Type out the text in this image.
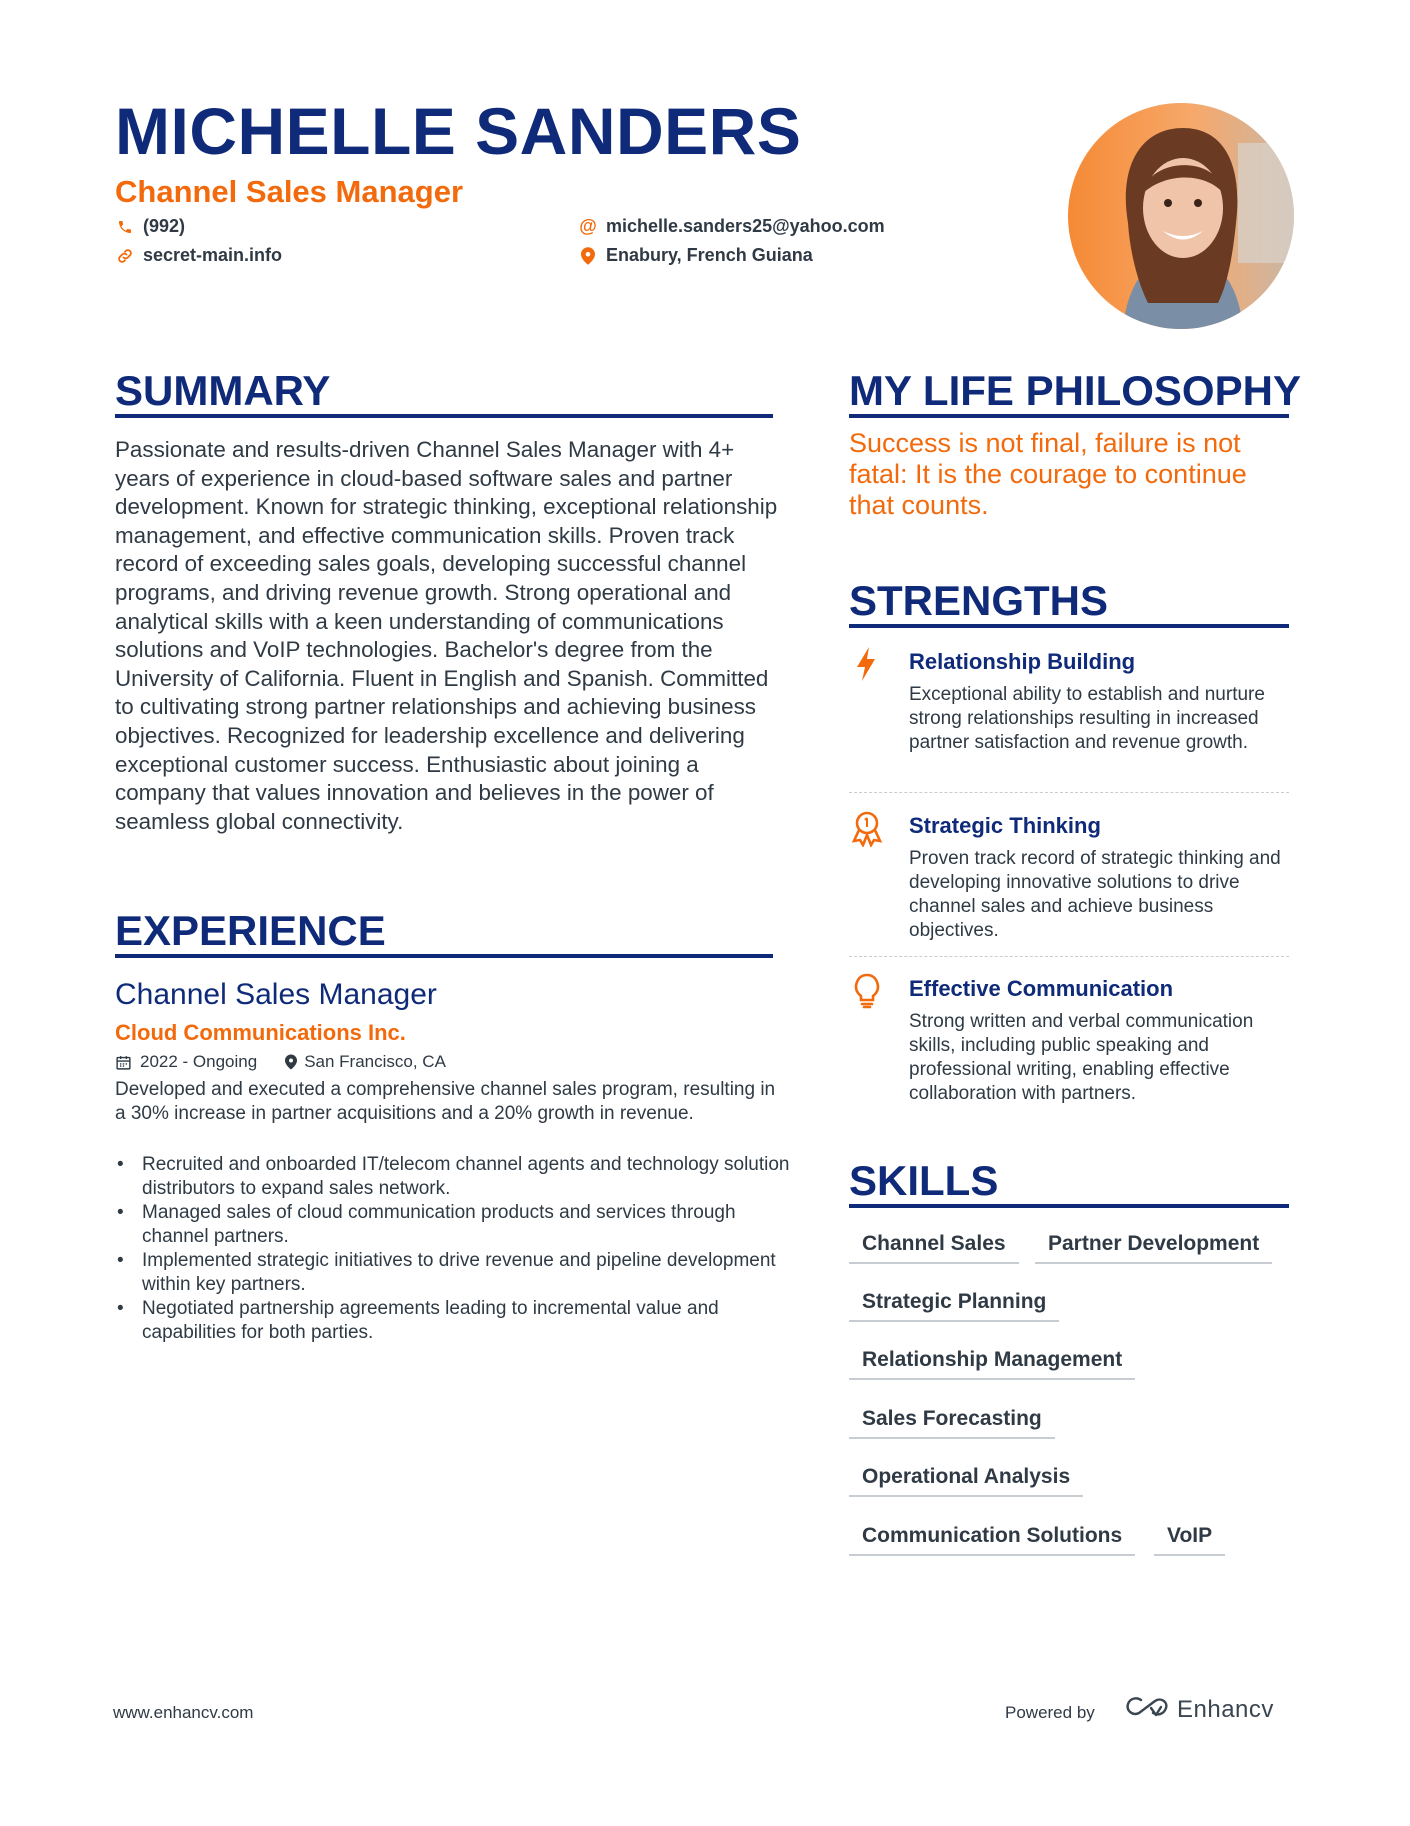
MICHELLE SANDERS
Channel Sales Manager
(992)
secret-main.info
@ michelle.sanders25@yahoo.com
Enabury, French Guiana
SUMMARY

Passionate and results-driven Channel Sales Manager with 4+ years of experience in cloud-based software sales and partner development. Known for strategic thinking, exceptional relationship management, and effective communication skills. Proven track record of exceeding sales goals, developing successful channel programs, and driving revenue growth. Strong operational and analytical skills with a keen understanding of communications solutions and VoIP technologies. Bachelor's degree from the University of California. Fluent in English and Spanish. Committed to cultivating strong partner relationships and achieving business objectives. Recognized for leadership excellence and delivering exceptional customer success. Enthusiastic about joining a company that values innovation and believes in the power of seamless global connectivity.

EXPERIENCE
Channel Sales Manager
Cloud Communications Inc.
2022 - Ongoing	San Francisco, CA

Developed and executed a comprehensive channel sales program, resulting in a 30% increase in partner acquisitions and a 20% growth in revenue.

• Recruited and onboarded IT/telecom channel agents and technology solution distributors to expand sales network.
• Managed sales of cloud communication products and services through channel partners.
• Implemented strategic initiatives to drive revenue and pipeline development within key partners.
• Negotiated partnership agreements leading to incremental value and capabilities for both parties.
MY LIFE PHILOSOPHY

Success is not final, failure is not fatal: It is the courage to continue that counts.

STRENGTHS
Relationship Building

Exceptional ability to establish and nurture strong relationships resulting in increased partner satisfaction and revenue growth.

Strategic Thinking

Proven track record of strategic thinking and developing innovative solutions to drive channel sales and achieve business objectives.

Effective Communication

Strong written and verbal communication skills, including public speaking and professional writing, enabling effective collaboration with partners.

SKILLS
Channel Sales	Partner Development
Strategic Planning
Relationship Management
Sales Forecasting
Operational Analysis
Communication Solutions	VoIP
www.enhancv.com	Powered by	Enhancv
